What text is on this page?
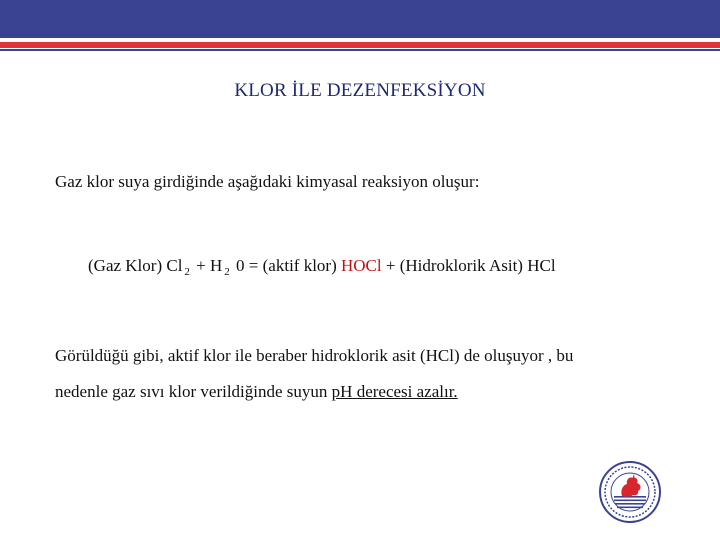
KLOR İLE DEZENFEKSİYON
Gaz klor suya girdiğinde aşağıdaki kimyasal reaksiyon oluşur:
(Gaz Klor) Cl $_2$ + H $_2$ 0 = (aktif klor) HOCl + (Hidroklorik Asit) HCl
Görüldüğü gibi, aktif klor ile beraber hidroklorik asit (HCl) de oluşuyor , bu
nedenle gaz sıvı klor verildiğinde suyun pH derecesi azalır.
